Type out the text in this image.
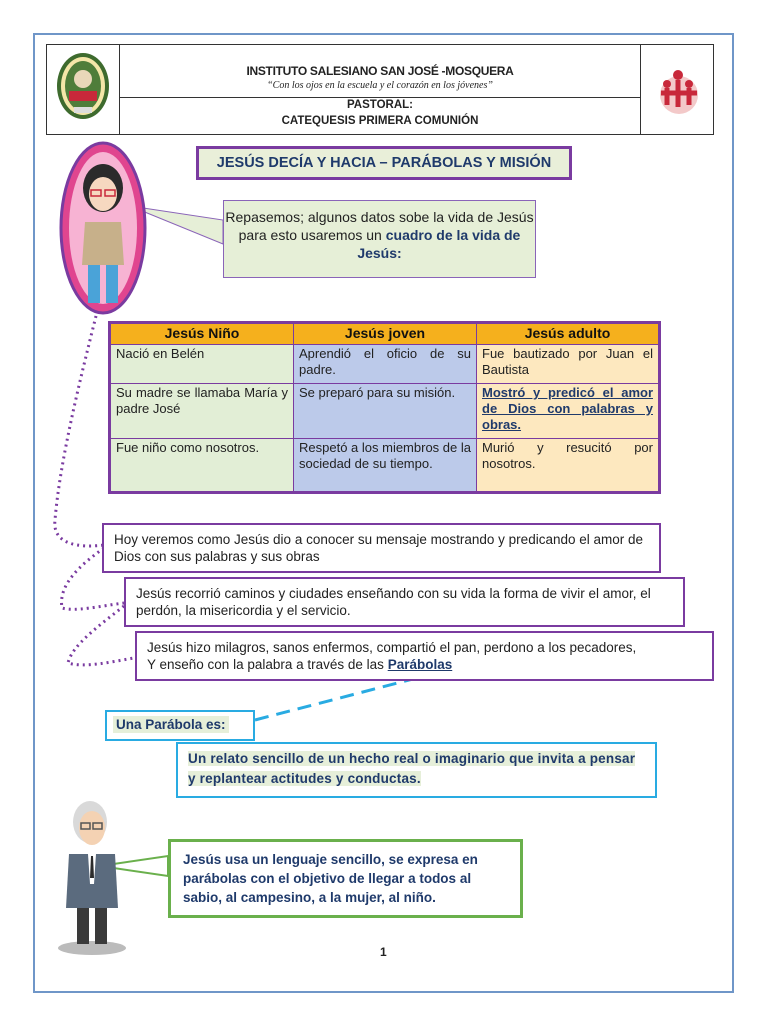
INSTITUTO SALESIANO SAN JOSÉ -MOSQUERA
“Con los ojos en la escuela y el corazón en los jóvenes”
PASTORAL:
CATEQUESIS PRIMERA COMUNIÓN
JESÚS DECÍA Y HACIA – PARÁBOLAS Y MISIÓN
Repasemos; algunos datos sobe la vida de Jesús para esto usaremos un cuadro de la vida de Jesús:
Jesús Niño	Jesús joven	Jesús adulto
Nació en Belén	Aprendió el oficio de su padre.	Fue bautizado por Juan el Bautista
Su madre se llamaba María y padre José	Se preparó para su misión.	Mostró y predicó el amor de Dios con palabras y obras.
Fue niño como nosotros.	Respetó a los miembros de la sociedad de su tiempo.	Murió y resucitó por nosotros.
Hoy veremos como Jesús dio a conocer su mensaje mostrando y predicando el amor de Dios con sus palabras y sus obras
Jesús recorrió caminos y ciudades enseñando con su vida la forma de vivir el amor, el perdón, la misericordia y el servicio.
Jesús hizo milagros, sanos enfermos, compartió el pan, perdono a los pecadores,
Y enseño con la palabra a través de las Parábolas
Una Parábola es:
Un relato sencillo de un hecho real o imaginario que invita a pensar y replantear actitudes y conductas.
Jesús usa un lenguaje sencillo, se expresa en parábolas con el objetivo de llegar a todos al sabio, al campesino, a la mujer, al niño.
1
